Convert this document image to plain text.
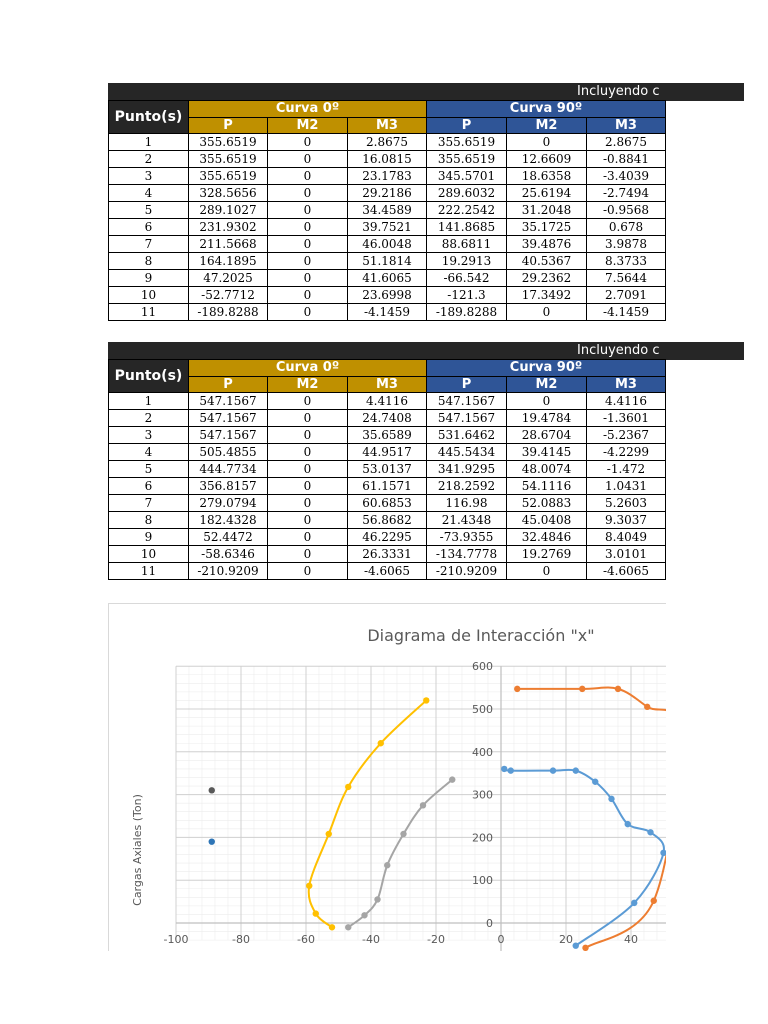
Incluyendo c
Punto(s)	Curva 0º			Curva 90º		
	P	M2	M3	P	M2	M3
1	355.6519	0	2.8675	355.6519	0	2.8675
2	355.6519	0	16.0815	355.6519	12.6609	-0.8841
3	355.6519	0	23.1783	345.5701	18.6358	-3.4039
4	328.5656	0	29.2186	289.6032	25.6194	-2.7494
5	289.1027	0	34.4589	222.2542	31.2048	-0.9568
6	231.9302	0	39.7521	141.8685	35.1725	0.678
7	211.5668	0	46.0048	88.6811	39.4876	3.9878
8	164.1895	0	51.1814	19.2913	40.5367	8.3733
9	47.2025	0	41.6065	-66.542	29.2362	7.5644
10	-52.7712	0	23.6998	-121.3	17.3492	2.7091
11	-189.8288	0	-4.1459	-189.8288	0	-4.1459
Incluyendo c
Punto(s)	Curva 0º			Curva 90º		
	P	M2	M3	P	M2	M3
1	547.1567	0	4.4116	547.1567	0	4.4116
2	547.1567	0	24.7408	547.1567	19.4784	-1.3601
3	547.1567	0	35.6589	531.6462	28.6704	-5.2367
4	505.4855	0	44.9517	445.5434	39.4145	-4.2299
5	444.7734	0	53.0137	341.9295	48.0074	-1.472
6	356.8157	0	61.1571	218.2592	54.1116	1.0431
7	279.0794	0	60.6853	116.98	52.0883	5.2603
8	182.4328	0	56.8682	21.4348	45.0408	9.3037
9	52.4472	0	46.2295	-73.9355	32.4846	8.4049
10	-58.6346	0	26.3331	-134.7778	19.2769	3.0101
11	-210.9209	0	-4.6065	-210.9209	0	-4.6065
Diagrama de Interacción "x"
Cargas Axiales (Ton)
0
100
200
300
400
500
600
-100	-80	-60	-40	-20	0	20	40
